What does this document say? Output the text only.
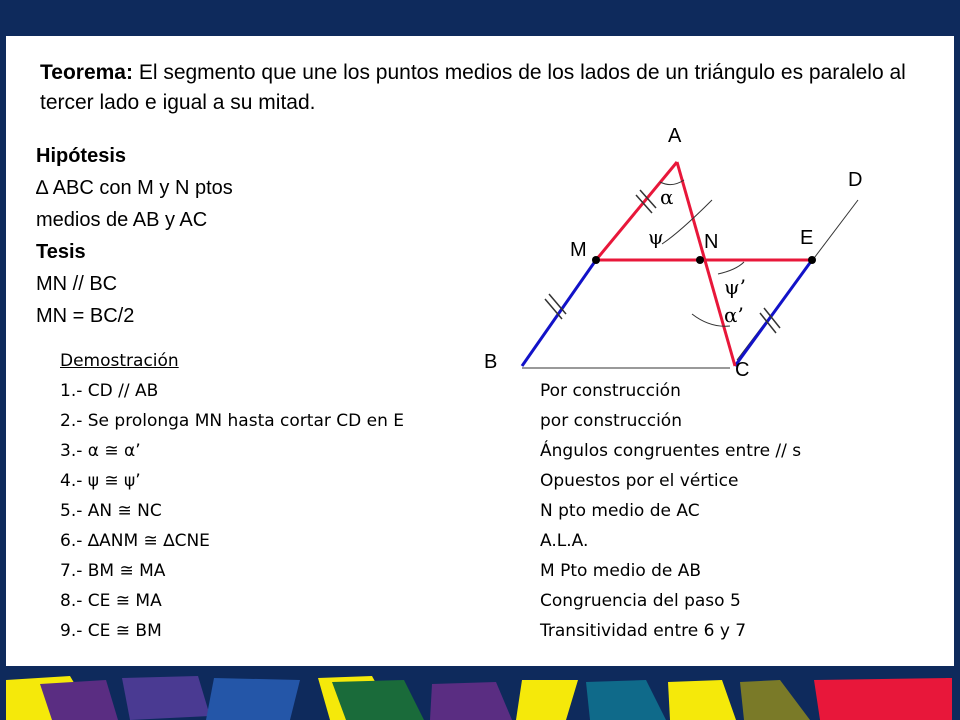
Teorema: El segmento que une los puntos medios de los lados de un triángulo es paralelo al tercer lado e igual a su mitad.
Hipótesis
∆ ABC con M y N ptos
medios de AB y AC
Tesis
MN // BC
MN = BC/2
Demostración
1.- CD // AB
2.- Se prolonga MN hasta cortar CD en E
3.- α ≅ α’
4.- ψ ≅ ψ’
5.- AN ≅ NC
6.- ∆ANM ≅ ∆CNE
7.- BM ≅ MA
8.- CE ≅ MA
9.- CE ≅ BM
Por construcción
por construcción
Ángulos congruentes entre // s
Opuestos por el vértice
N pto medio de AC
A.L.A.
M Pto medio de AB
Congruencia del paso 5
Transitividad entre 6 y 7
A
B	C
D
E
M	N
α
ψ
ψ’
α’
